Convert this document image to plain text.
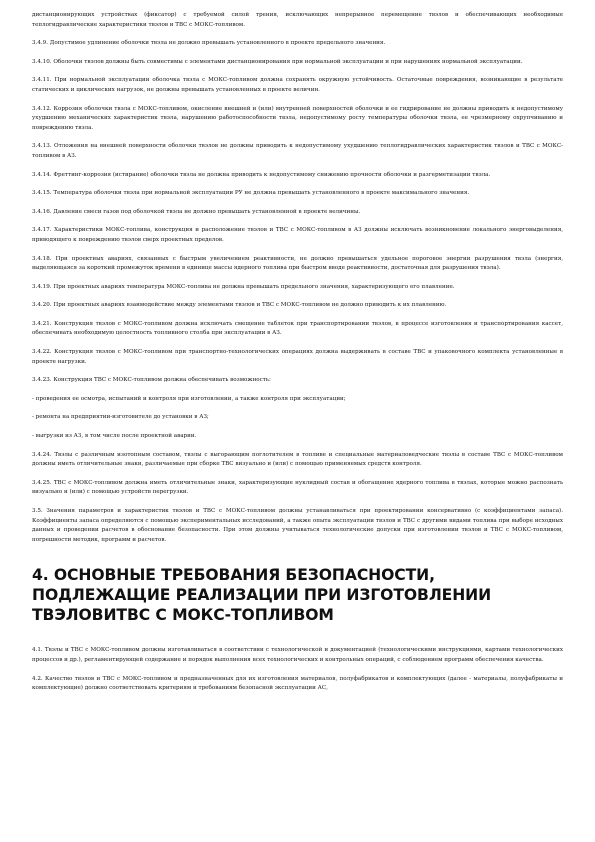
дистанционирующих устройствах (фиксатор) с требуемой силой трения, исключающих непрерывное перемещение твэлов и обеспечивающих необходимые теплогидравлические характеристики твэлов и ТВС с МОКС-топливом.

3.4.9. Допустимое удлинение оболочки твэла не должно превышать установленного в проекте предельного значения.

3.4.10. Оболочки твэлов должны быть совместимы с элементами дистанционирования при нормальной эксплуатации и при нарушениях нормальной эксплуатации.

3.4.11. При нормальной эксплуатации оболочка твэла с МОКС-топливом должна сохранять окружную устойчивость. Остаточные повреждения, возникающие в результате статических и циклических нагрузок, не должны превышать установленных в проекте величин.

3.4.12. Коррозия оболочки твэла с МОКС-топливом, окисление внешней и (или) внутренней поверхностей оболочки и ее гидрирование не должны приводить к недопустимому ухудшению механических характеристик твэла, нарушению работоспособности твэла, недопустимому росту температуры оболочки твэла, ее чрезмерному охрупчиванию и повреждению твэла.

3.4.13. Отложения на внешней поверхности оболочки твэлов не должны приводить к недопустимому ухудшению теплогидравлических характеристик твэлов и ТВС с МОКС-топливом в АЗ.

3.4.14. Фреттинг-коррозия (истирание) оболочки твэла не должна приводить к недопустимому снижению прочности оболочки и разгерметизации твэла.

3.4.15. Температура оболочки твэла при нормальной эксплуатации РУ не должна превышать установленного в проекте максимального значения.

3.4.16. Давление смеси газов под оболочкой твэла не должно превышать установленной в проекте величины.

3.4.17. Характеристики МОКС-топлива, конструкция и расположение твэлов и ТВС с МОКС-топливом в АЗ должны исключать возникновение локального энерговыделения, приводящего к повреждению твэлов сверх проектных пределов.

3.4.18. При проектных авариях, связанных с быстрым увеличением реактивности, не должно превышаться удельное пороговое энергии разрушения твэла (энергия, выделяющаяся за короткий промежуток времени в единице массы ядерного топлива при быстром вводе реактивности, достаточная для разрушения твэла).

3.4.19. При проектных авариях температура МОКС-топлива не должна превышать предельного значения, характеризующего его плавление.

3.4.20. При проектных авариях взаимодействие между элементами твэлов и ТВС с МОКС-топливом не должно приводить к их плавлению.

3.4.21. Конструкция твэлов с МОКС-топливом должна исключать смещение таблеток при транспортировании твэлов, в процессе изготовления и транспортирования кассет, обеспечивать необходимую целостность топливного столба при эксплуатации в АЗ.

3.4.22. Конструкция твэлов с МОКС-топливом при транспортно-технологических операциях должна выдерживать в составе ТВС и упаковочного комплекта установленные в проекте нагрузки.

3.4.23. Конструкция ТВС с МОКС-топливом должна обеспечивать возможность:

- проведения ее осмотра, испытаний и контроля при изготовлении, а также контроля при эксплуатации;

- ремонта на предприятии-изготовителе до установки в АЗ;

- выгрузки из АЗ, в том числе после проектной аварии.

3.4.24. Твэлы с различным изотопным составом, твэлы с выгорающим поглотителем в топливе и специальные материаловедческие твэлы в составе ТВС с МОКС-топливом должны иметь отличительные знаки, различаемые при сборке ТВС визуально и (или) с помощью применяемых средств контроля.

3.4.25. ТВС с МОКС-топливом должна иметь отличительные знаки, характеризующие нуклидный состав и обогащение ядерного топлива в твэлах, которые можно распознать визуально и (или) с помощью устройств перегрузки.

3.5. Значения параметров и характеристик твэлов и ТВС с МОКС-топливом должны устанавливаться при проектировании консервативно (с коэффициентами запаса). Коэффициенты запаса определяются с помощью экспериментальных исследований, а также опыта эксплуатации твэлов и ТВС с другими видами топлива при выборе исходных данных и проведении расчетов в обоснование безопасности. При этом должны учитываться технологические допуски при изготовлении твэлов и ТВС с МОКС-топливом, погрешности методик, программ и расчетов.

4. ОСНОВНЫЕ ТРЕБОВАНИЯ БЕЗОПАСНОСТИ, ПОДЛЕЖАЩИЕ РЕАЛИЗАЦИИ ПРИ ИЗГОТОВЛЕНИИ ТВЭЛОВИТВС С МОКС-ТОПЛИВОМ

4.1. Твэлы и ТВС с МОКС-топливом должны изготавливаться в соответствии с технологической и документацией (технологическими инструкциями, картами технологических процессов и др.), регламентирующей содержание и порядок выполнения всех технологических и контрольных операций, с соблюдением программ обеспечения качества.

4.2. Качество твэлов и ТВС с МОКС-топливом и предназначенных для их изготовления материалов, полуфабрикатов и комплектующих (далее - материалы, полуфабрикаты и комплектующие) должно соответствовать критериям и требованиям безопасной эксплуатации АС,
